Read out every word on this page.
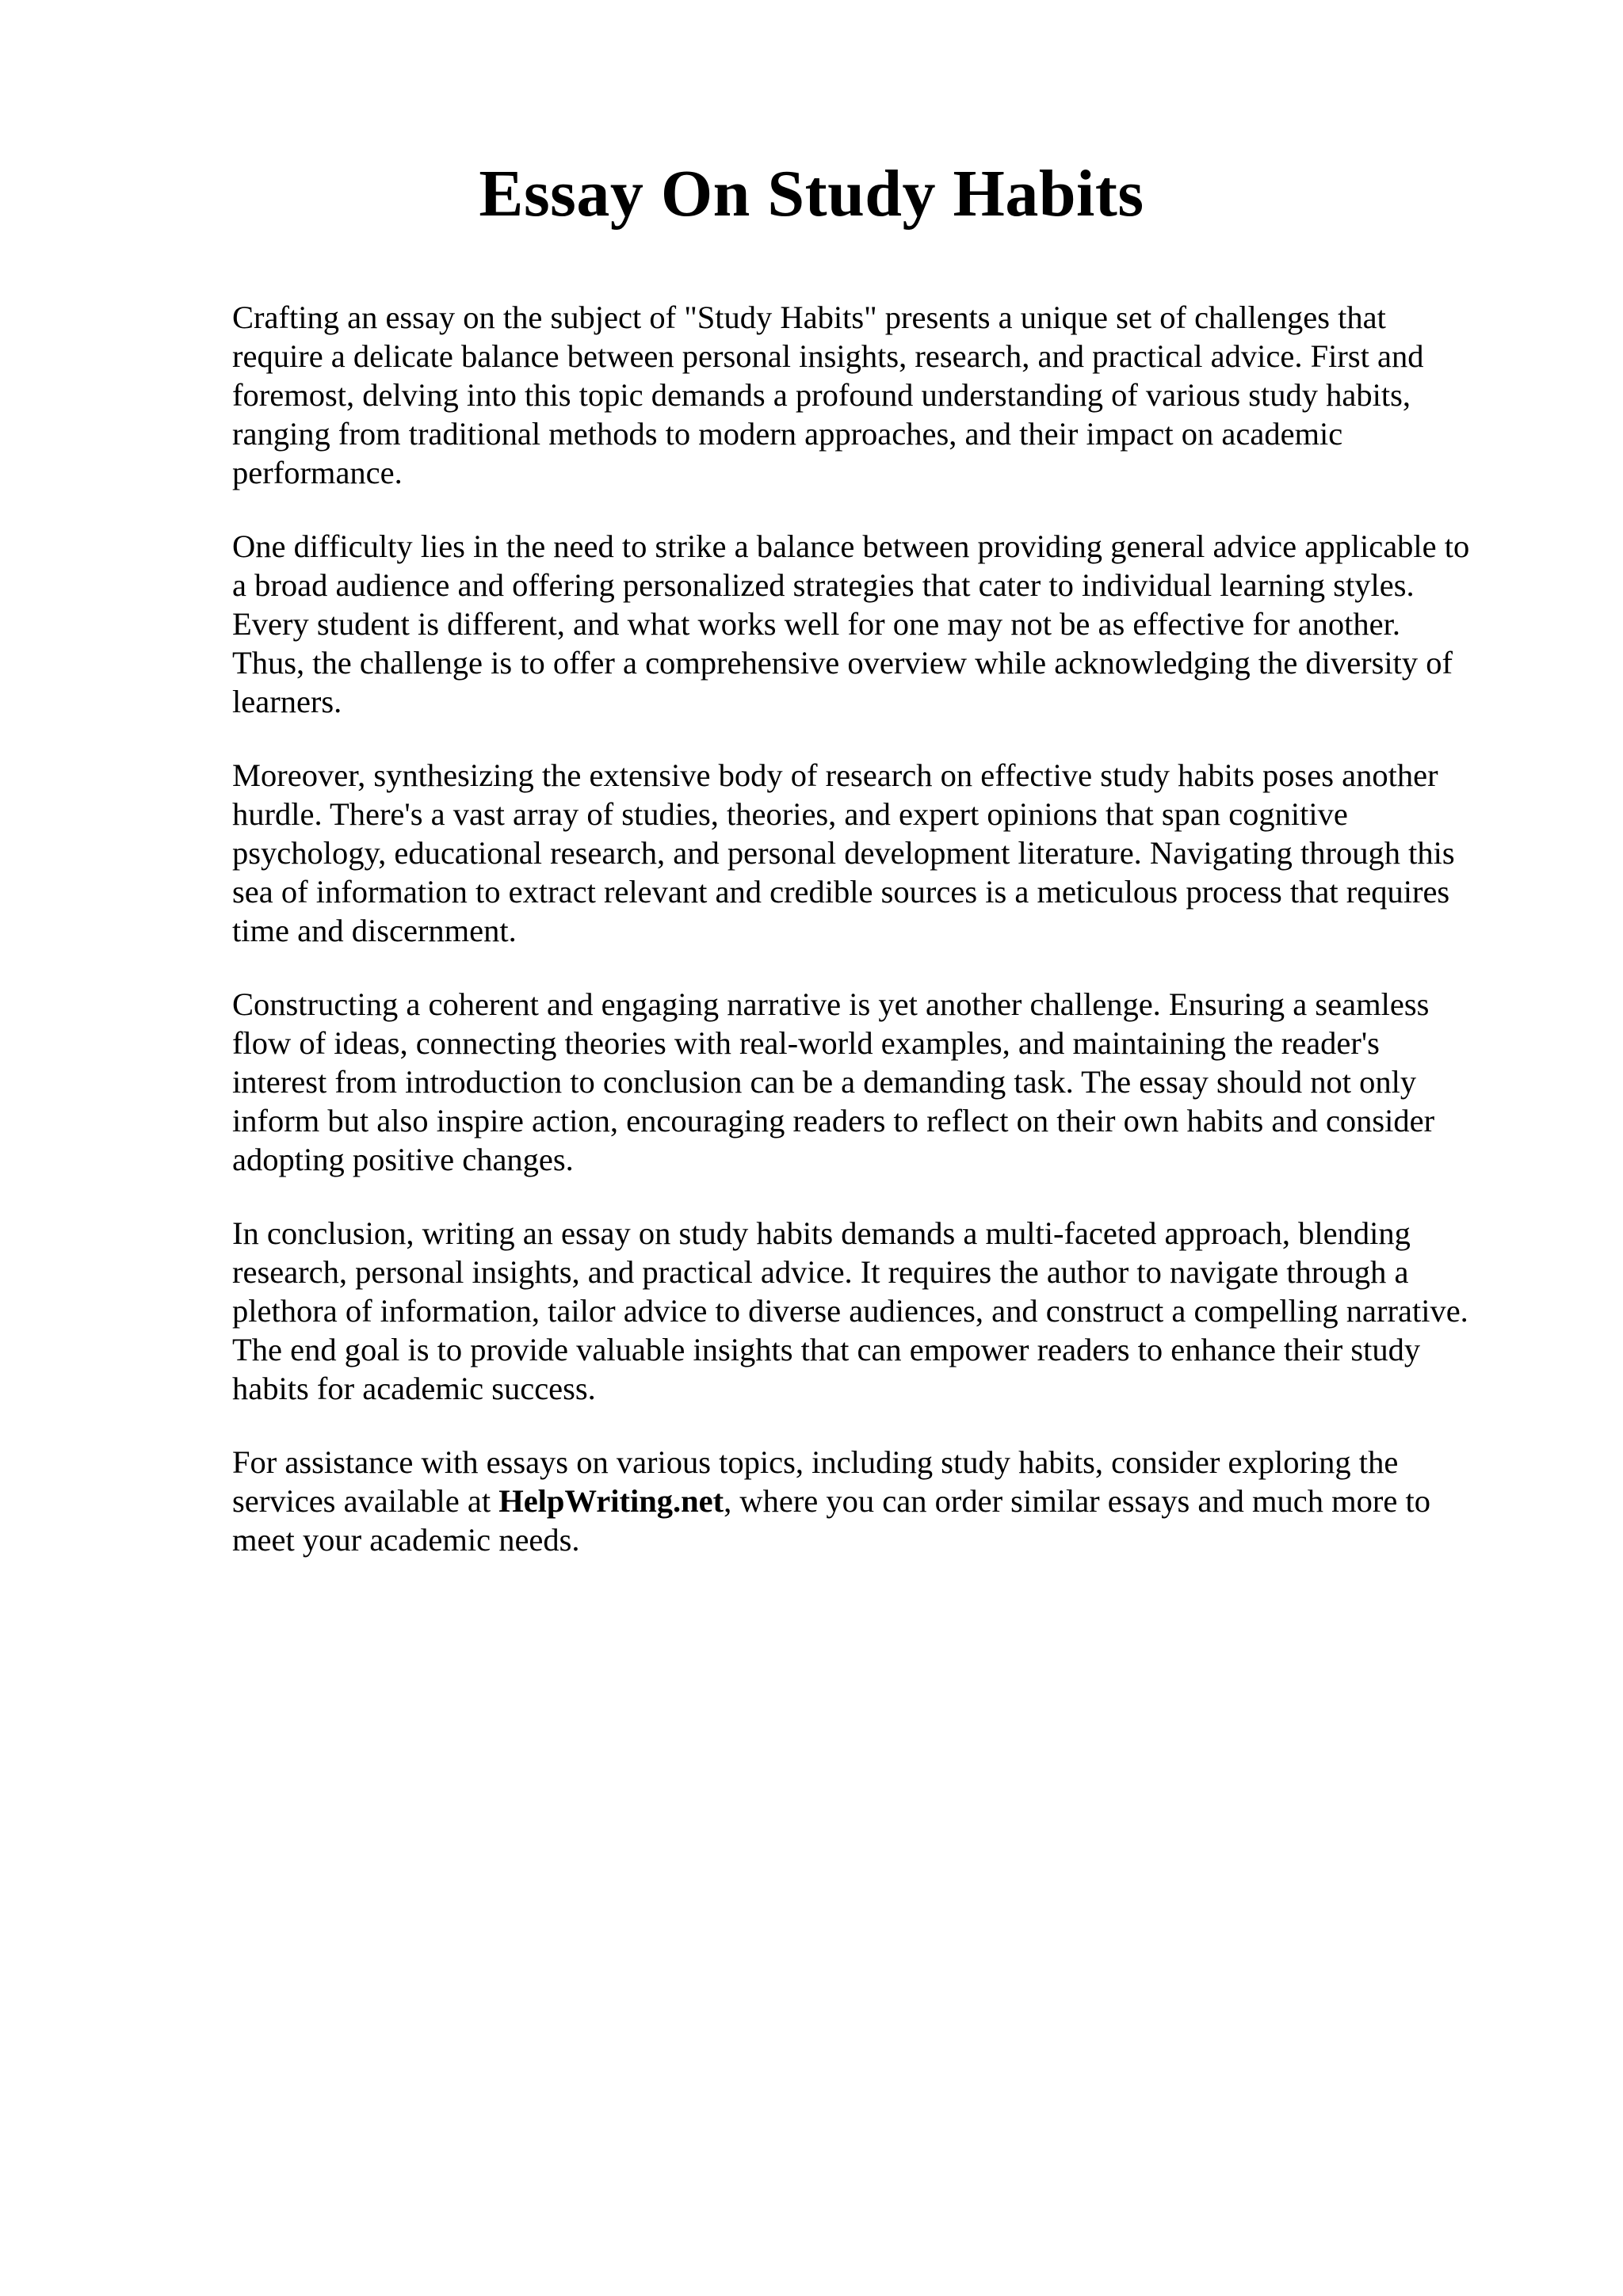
Essay On Study Habits

Crafting an essay on the subject of "Study Habits" presents a unique set of challenges that
require a delicate balance between personal insights, research, and practical advice. First and
foremost, delving into this topic demands a profound understanding of various study habits,
ranging from traditional methods to modern approaches, and their impact on academic
performance.

One difficulty lies in the need to strike a balance between providing general advice applicable to
a broad audience and offering personalized strategies that cater to individual learning styles.
Every student is different, and what works well for one may not be as effective for another.
Thus, the challenge is to offer a comprehensive overview while acknowledging the diversity of
learners.

Moreover, synthesizing the extensive body of research on effective study habits poses another
hurdle. There's a vast array of studies, theories, and expert opinions that span cognitive
psychology, educational research, and personal development literature. Navigating through this
sea of information to extract relevant and credible sources is a meticulous process that requires
time and discernment.

Constructing a coherent and engaging narrative is yet another challenge. Ensuring a seamless
flow of ideas, connecting theories with real-world examples, and maintaining the reader's
interest from introduction to conclusion can be a demanding task. The essay should not only
inform but also inspire action, encouraging readers to reflect on their own habits and consider
adopting positive changes.

In conclusion, writing an essay on study habits demands a multi-faceted approach, blending
research, personal insights, and practical advice. It requires the author to navigate through a
plethora of information, tailor advice to diverse audiences, and construct a compelling narrative.
The end goal is to provide valuable insights that can empower readers to enhance their study
habits for academic success.

For assistance with essays on various topics, including study habits, consider exploring the
services available at HelpWriting.net, where you can order similar essays and much more to
meet your academic needs.
